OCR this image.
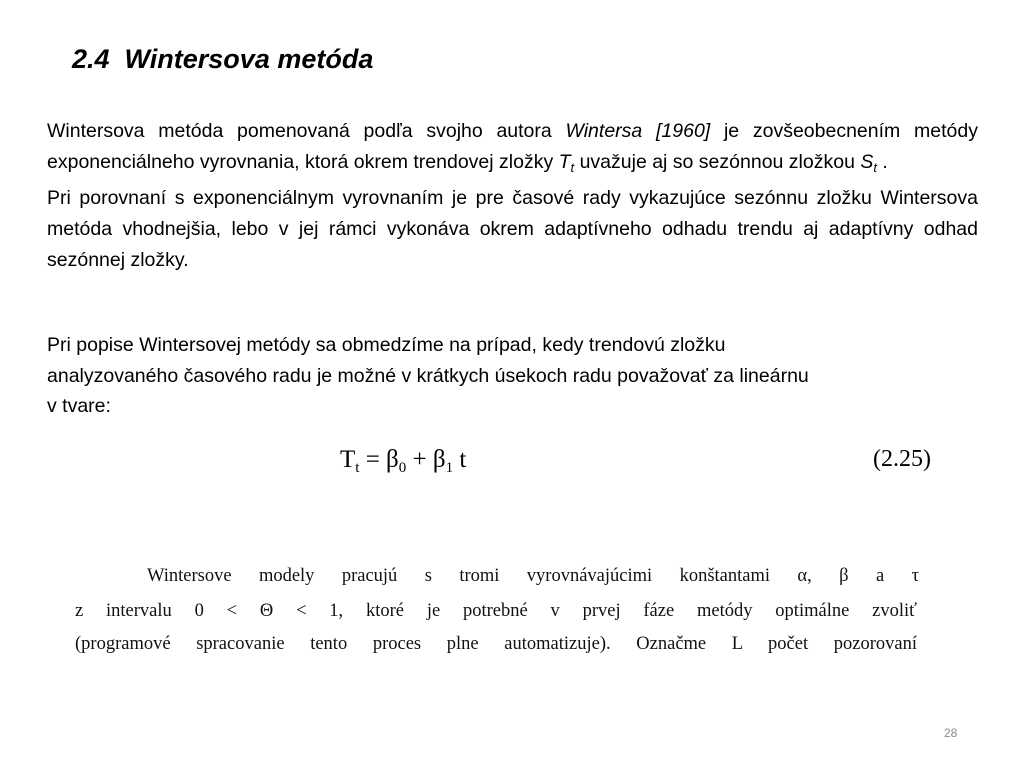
2.4  Wintersova metóda
Wintersova metóda pomenovaná podľa svojho autora Wintersa [1960] je zovšeobecnením metódy exponenciálneho vyrovnania, ktorá okrem trendovej zložky $T_t$ uvažuje aj so sezónnou zložkou $S_t$ .
Pri porovnaní s exponenciálnym vyrovnaním je pre časové rady vykazujúce sezónnu zložku Wintersova metóda vhodnejšia, lebo v jej rámci vykonáva okrem adaptívneho odhadu trendu aj adaptívny odhad sezónnej zložky.
Pri popise Wintersovej metódy sa obmedzíme na prípad, kedy trendovú zložku
analyzovaného časového radu je možné v krátkych úsekoch radu považovať za lineárnu
v tvare:
$T_t = \beta_0 + \beta_1$ t	(2.25)
Wintersove modely pracujú s tromi vyrovnávajúcimi konštantami α, β a τ
z intervalu 0 < Θ < 1, ktoré je potrebné v prvej fáze metódy optimálne zvoliť
(programové spracovanie tento proces plne automatizuje). Označme L počet pozorovaní
28
